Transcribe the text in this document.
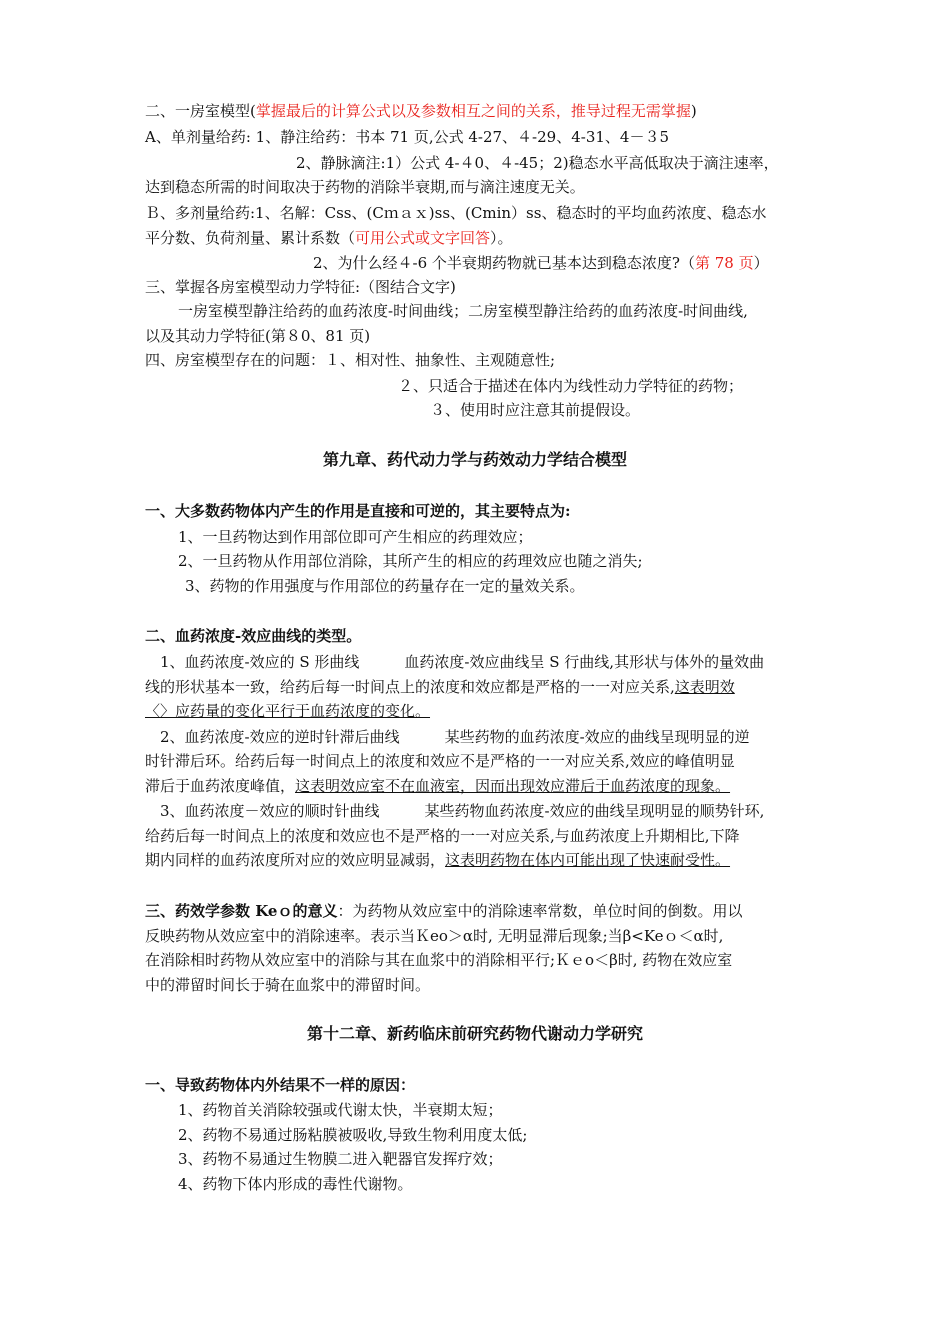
二、一房室模型(掌握最后的计算公式以及参数相互之间的关系，推导过程无需掌握)
A、单剂量给药: 1、静注给药：书本 71 页,公式 4-27、４-29、4-31、4－３5
2、静脉滴注:1）公式 4-４0、４-45；2)稳态水平高低取决于滴注速率，
达到稳态所需的时间取决于药物的消除半衰期,而与滴注速度无关。
Ｂ、多剂量给药:1、名解：Css、(Cｍａｘ)ss、(Cmin）ss、稳态时的平均血药浓度、稳态水
平分数、负荷剂量、累计系数（可用公式或文字回答）。
2、为什么经４-6 个半衰期药物就已基本达到稳态浓度?（第 78 页）
三、掌握各房室模型动力学特征:（图结合文字)
一房室模型静注给药的血药浓度-时间曲线；二房室模型静注给药的血药浓度-时间曲线,
以及其动力学特征(第８0、81 页)
四、房室模型存在的问题：１、相对性、抽象性、主观随意性;
２、只适合于描述在体内为线性动力学特征的药物；
３、使用时应注意其前提假设。
第九章、药代动力学与药效动力学结合模型
一、大多数药物体内产生的作用是直接和可逆的，其主要特点为:
1、一旦药物达到作用部位即可产生相应的药理效应；
2、一旦药物从作用部位消除，其所产生的相应的药理效应也随之消失;
3、药物的作用强度与作用部位的药量存在一定的量效关系。
二、血药浓度-效应曲线的类型。
1、血药浓度-效应的 S 形曲线　　　血药浓度-效应曲线呈 S 行曲线,其形状与体外的量效曲
线的形状基本一致，给药后每一时间点上的浓度和效应都是严格的一一对应关系,这表明效
〈〉应药量的变化平行于血药浓度的变化。
2、血药浓度-效应的逆时针滞后曲线　　　某些药物的血药浓度-效应的曲线呈现明显的逆
时针滞后环。给药后每一时间点上的浓度和效应不是严格的一一对应关系,效应的峰值明显
滞后于血药浓度峰值，这表明效应室不在血液室，因而出现效应滞后于血药浓度的现象。
3、血药浓度－效应的顺时针曲线　　　某些药物血药浓度-效应的曲线呈现明显的顺势针环,
给药后每一时间点上的浓度和效应也不是严格的一一对应关系,与血药浓度上升期相比,下降
期内同样的血药浓度所对应的效应明显减弱，这表明药物在体内可能出现了快速耐受性。
三、药效学参数 Keｏ的意义：为药物从效应室中的消除速率常数，单位时间的倒数。用以
反映药物从效应室中的消除速率。表示当Ｋeo＞α时, 无明显滞后现象;当β<Keｏ＜α时,
在消除相时药物从效应室中的消除与其在血浆中的消除相平行;Ｋｅo＜β时, 药物在效应室
中的滞留时间长于骑在血浆中的滞留时间。
第十二章、新药临床前研究药物代谢动力学研究
一、导致药物体内外结果不一样的原因：
1、药物首关消除较强或代谢太快，半衰期太短；
2、药物不易通过肠粘膜被吸收,导致生物利用度太低;
3、药物不易通过生物膜二进入靶器官发挥疗效；
4、药物下体内形成的毒性代谢物。
